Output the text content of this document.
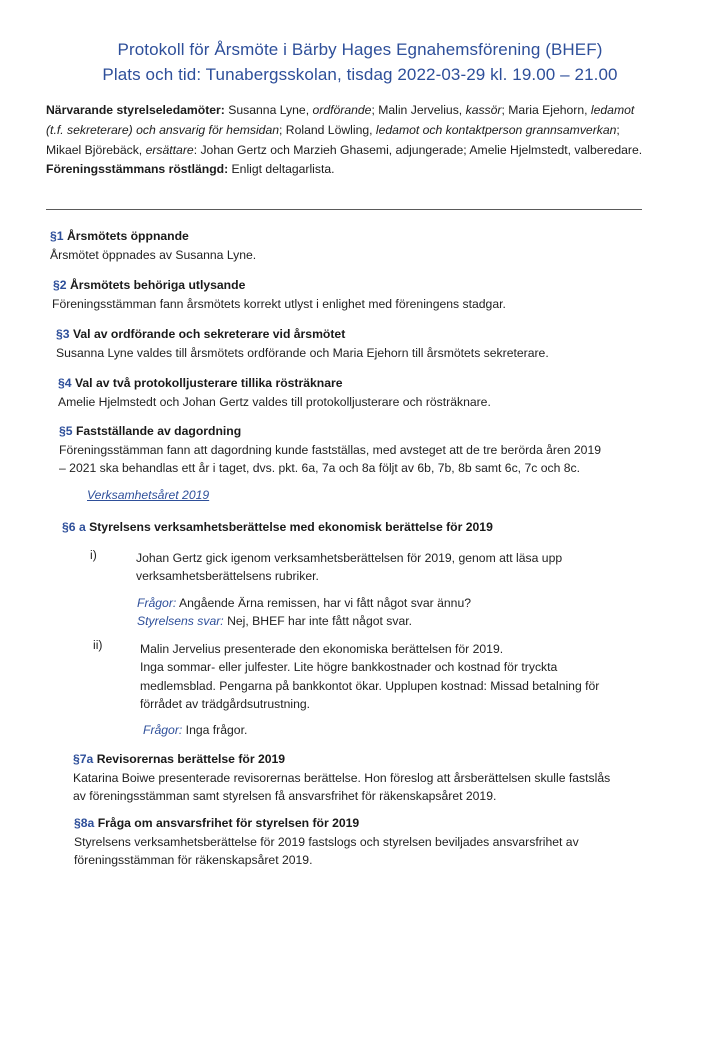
Protokoll för Årsmöte i Bärby Hages Egnahemsförening (BHEF)
Plats och tid: Tunabergsskolan, tisdag 2022-03-29 kl. 19.00 – 21.00
Närvarande styrelseledamöter: Susanna Lyne, ordförande; Malin Jervelius, kassör; Maria Ejehorn, ledamot (t.f. sekreterare) och ansvarig för hemsidan; Roland Löwling, ledamot och kontaktperson grannsamverkan; Mikael Björebäck, ersättare: Johan Gertz och Marzieh Ghasemi, adjungerade; Amelie Hjelmstedt, valberedare.
Föreningsstämmans röstlängd: Enligt deltagarlista.
§1 Årsmötets öppnande
Årsmötet öppnades av Susanna Lyne.
§2 Årsmötets behöriga utlysande
Föreningsstämman fann årsmötets korrekt utlyst i enlighet med föreningens stadgar.
§3 Val av ordförande och sekreterare vid årsmötet
Susanna Lyne valdes till årsmötets ordförande och Maria Ejehorn till årsmötets sekreterare.
§4 Val av två protokolljusterare tillika rösträknare
Amelie Hjelmstedt och Johan Gertz valdes till protokolljusterare och rösträknare.
§5 Fastställande av dagordning
Föreningsstämman fann att dagordning kunde fastställas, med avsteget att de tre berörda åren 2019
– 2021 ska behandlas ett år i taget, dvs. pkt. 6a, 7a och 8a följt av 6b, 7b, 8b samt 6c, 7c och 8c.
Verksamhetsåret 2019
§6 a Styrelsens verksamhetsberättelse med ekonomisk berättelse för 2019
i)	Johan Gertz gick igenom verksamhetsberättelsen för 2019, genom att läsa upp
verksamhetsberättelsens rubriker.
Frågor: Angående Ärna remissen, har vi fått något svar ännu?
Styrelsens svar: Nej, BHEF har inte fått något svar.
ii)	Malin Jervelius presenterade den ekonomiska berättelsen för 2019.
Inga sommar- eller julfester. Lite högre bankkostnader och kostnad för tryckta
medlemsblad. Pengarna på bankkontot ökar. Upplupen kostnad: Missad betalning för
förrådet av trädgårdsutrustning.
Frågor: Inga frågor.
§7a Revisorernas berättelse för 2019
Katarina Boiwe presenterade revisorernas berättelse. Hon föreslog att årsberättelsen skulle fastslås
av föreningsstämman samt styrelsen få ansvarsfrihet för räkenskapsåret 2019.
§8a Fråga om ansvarsfrihet för styrelsen för 2019
Styrelsens verksamhetsberättelse för 2019 fastslogs och styrelsen beviljades ansvarsfrihet av
föreningsstämman för räkenskapsåret 2019.
